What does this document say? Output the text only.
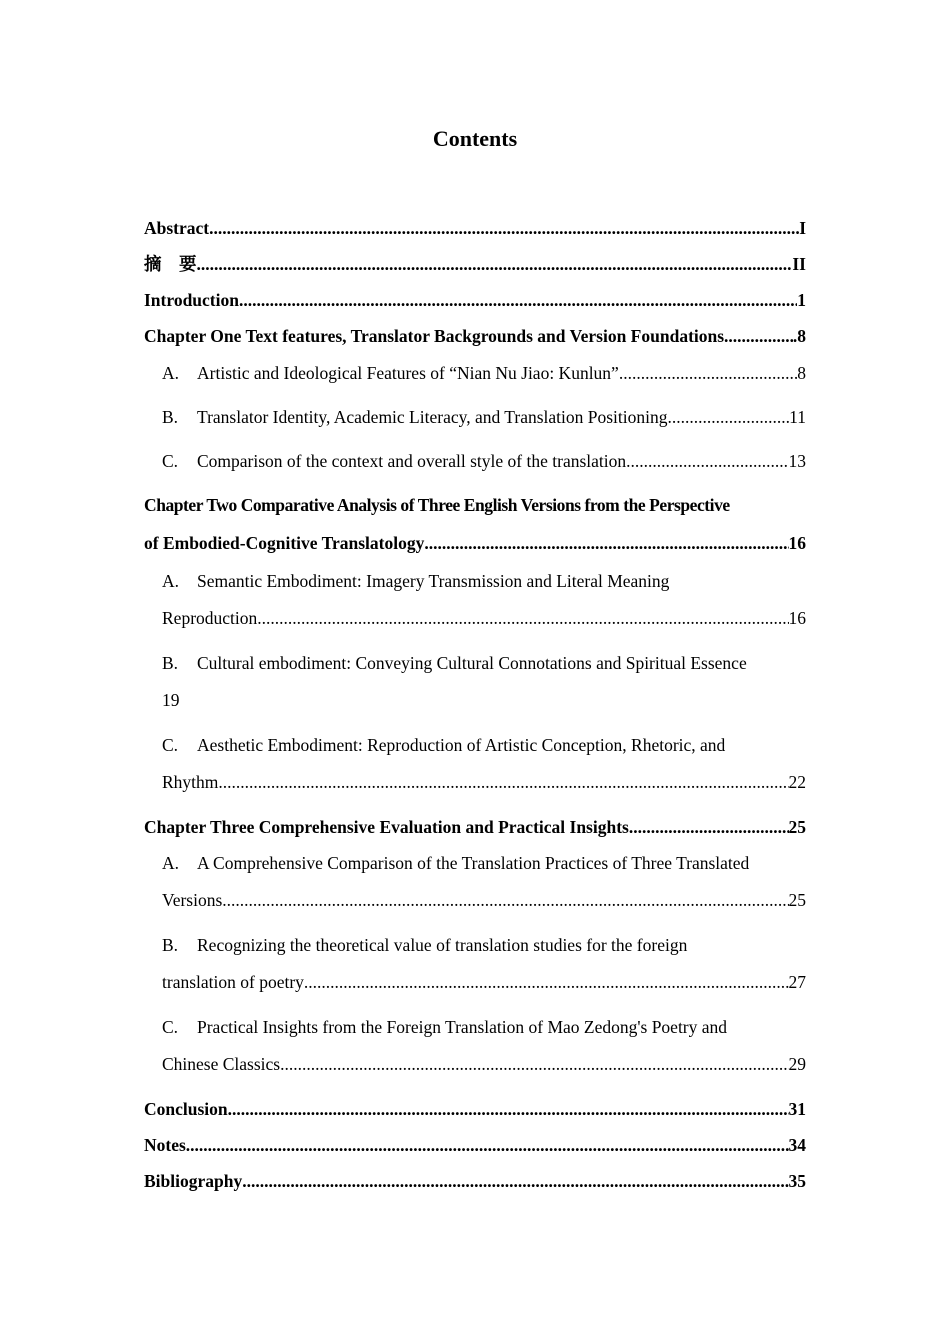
Contents
Abstract .....	I
摘　要 .....	II
Introduction .....	1
Chapter One Text features, Translator Backgrounds and Version Foundations. .....	.8
A. Artistic and Ideological Features of “Nian Nu Jiao: Kunlun” .....	8
B. Translator Identity, Academic Literacy, and Translation Positioning .....	11
C. Comparison of the context and overall style of the translation .....	13
Chapter Two Comparative Analysis of Three English Versions from the Perspective
of Embodied-Cognitive Translatology .....	16
A. Semantic Embodiment: Imagery Transmission and Literal Meaning
Reproduction .....	16
B. Cultural embodiment: Conveying Cultural Connotations and Spiritual Essence
19
C. Aesthetic Embodiment: Reproduction of Artistic Conception, Rhetoric, and
Rhythm .....	22
Chapter Three Comprehensive Evaluation and Practical Insights .....	25
A. A Comprehensive Comparison of the Translation Practices of Three Translated
Versions .....	25
B. Recognizing the theoretical value of translation studies for the foreign
translation of poetry .....	27
C. Practical Insights from the Foreign Translation of Mao Zedong's Poetry and
Chinese Classics .....	29
Conclusion .....	31
Notes .....	34
Bibliography .....	35
